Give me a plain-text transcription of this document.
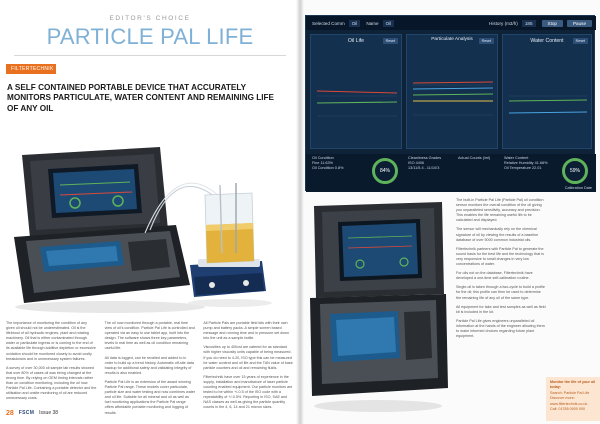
EDITOR'S CHOICE
PARTICLE PAL LIFE
FILTERTECHNIK
A SELF CONTAINED PORTABLE DEVICE THAT ACCURATELY MONITORS PARTICULATE, WATER CONTENT AND REMAINING LIFE OF ANY OIL

The importance of monitoring the condition of any given oil should not be underestimated. Oil is the lifeblood of all hydraulic engines, plant and rotating machinery. Oil that is either contaminated through water or particulate ingress or is coming to the end of its available life through additive depletion or excessive oxidation should be monitored closely to avoid costly breakdowns and in unnecessary system failures.

A survey of over 30,000 oil sample lab results showed that over 80% of cases oil was being changed at the wrong time. By relying on OEM timing intervals rather than on condition monitoring, including the oil now Particle Pal Life. Containing a portable detector and the utilisation and onsite monitoring of oil are reduced unnecessary costs.

The oil now monitored through a portable, real time view of oil's condition. Particle Pal Life is controlled and operated via an easy to use tablet app, built into the design. The software shows three key parameters, levels in real time as well as oil condition remaining useful life.

All data is logged, can be recalled and added to in order to build up a trend history. Automatic off-site data backup for additional safety and validating integrity of results is also enabled.

Particle Pal Life is an extension of the award winning Particle Pal range. These models cover particulate, particle size and water testing and now combines water and oil life. Suitable for all mineral and oil as well as fuel monitoring applications the Particle Pal range offers affordable portable monitoring and logging of results.

All Particle Pals are portable field kits with their own pump and battery packs. A simple screen based message and running time and in pressure set down into the unit as a sample bottle.

Viscosities up to 400cst are catered for as standard with higher viscosity units capable of being measured. If you do need to 4-20, ISO type this can be measured for water content and oil life and the TAN value of base particle counters and oil and remaining fluids.

Filtertechnik have over 15 years of experience in the supply, installation and manufacture of laser particle counting enabled equipment. Our particle monitors are tested to be within +/-0.5 of the ISO code with a repeatability of +/-0.5%. Reporting in ISO, SAE and NAS classes as well as giving the particle quantity counts in the 4, 6, 14 and 21 micron sizes.

28 FSCM Issue 38
Selected Comm	Oil	Name	Oil	History (m3/h)	185	Stop	Pause
Oil Life	Reset	Particulate Analysis	Reset	Water Content	Reset
Oil Condition
Fine 11.63%
Oil Condition 0.8%	84%
Cleanliness Grades
ISO 4406
13/11/5.4 - 11/10/3
Actual Counts (/ml)	Water Content
Relative Humidity 41.68%
Oil Temperature 22.01	59%
Calibration Date

The built-in Particle Pal Life (Particle Pal) oil condition sensor monitors the overall condition of the oil giving you unparalleled sensitivity, accuracy and precision. This enables the life remaining useful life to be calculated and displayed.

The sensor will mechanically rely on the chemical signature of oil by viewing the results of a baseline database of over 5000 common industrial oils.

Filtertechnik partners with Particle Pal to generate the sound basis for the best life and the technology that is very responsive to small changes in very low concentrations of water.

For oils not on the database, Filtertechnik have developed a one-time self-calibration routine.

Single-oil is taken through a two-cycle to build a profile for the oil; this profile can then be used to determine the remaining life of any oil of the same type.

All equipment for take and test samples as well as field kit is included in the kit.

Particle Pal Life gives engineers unparalleled oil information at the hands of the engineer allowing them to make informed choices regarding future plant equipment.

Monitor the life of your oil today:
Search: Particle Pal Life
Discover more: www.filtertechnik.co.uk
Call: 01785 0000 000
